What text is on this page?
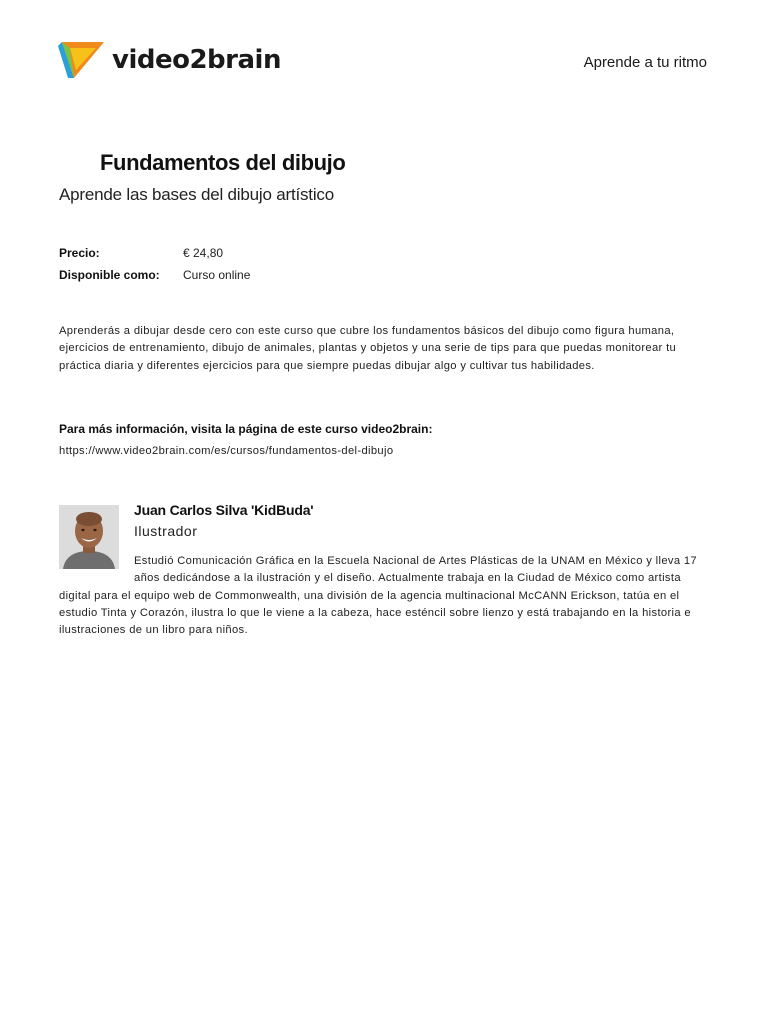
video2brain	Aprende a tu ritmo
Fundamentos del dibujo

Aprende las bases del dibujo artístico

Precio:	€ 24,80
Disponible como:	Curso online

Aprenderás a dibujar desde cero con este curso que cubre los fundamentos básicos del dibujo como figura humana, ejercicios de entrenamiento, dibujo de animales, plantas y objetos y una serie de tips para que puedas monitorear tu práctica diaria y diferentes ejercicios para que siempre puedas dibujar algo y cultivar tus habilidades.

Para más información, visita la página de este curso video2brain:

https://www.video2brain.com/es/cursos/fundamentos-del-dibujo

Juan Carlos Silva 'KidBuda'

Ilustrador

Estudió Comunicación Gráfica en la Escuela Nacional de Artes Plásticas de la UNAM en México y lleva 17 años dedicándose a la ilustración y el diseño. Actualmente trabaja en la Ciudad de México como artista digital para el equipo web de Commonwealth, una división de la agencia multinacional McCANN Erickson, tatúa en el estudio Tinta y Corazón, ilustra lo que le viene a la cabeza, hace esténcil sobre lienzo y está trabajando en la historia e ilustraciones de un libro para niños.
